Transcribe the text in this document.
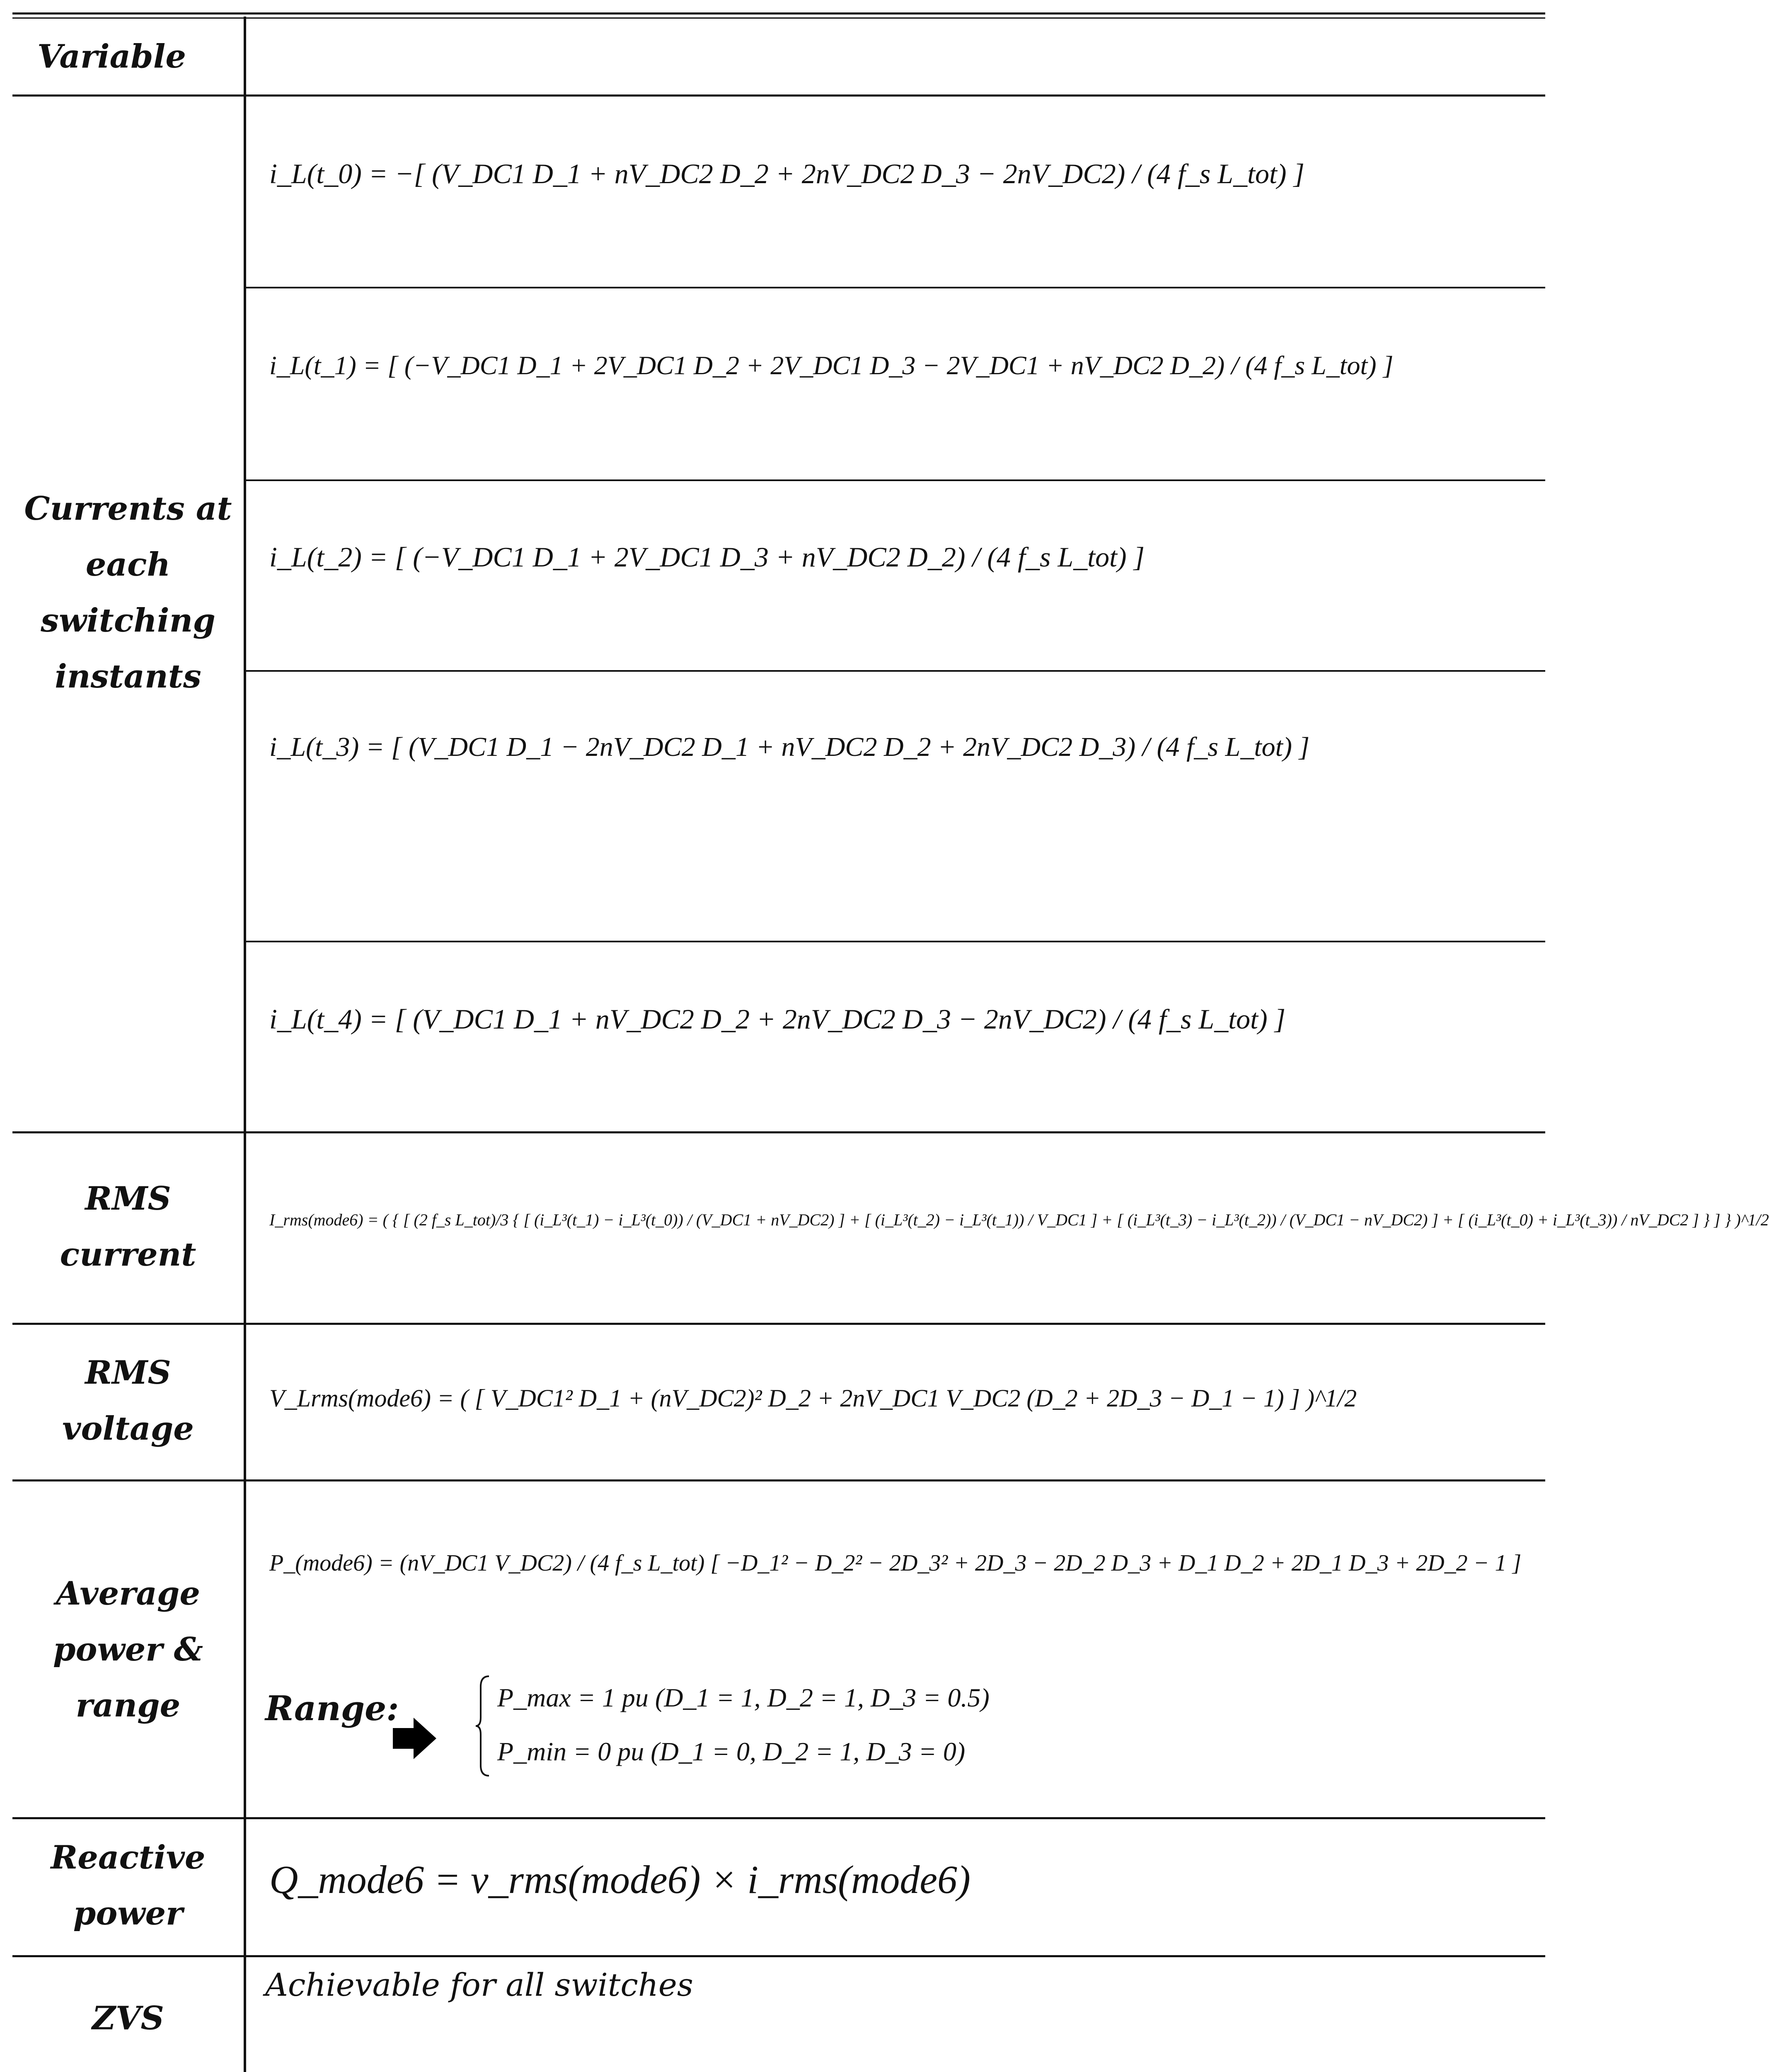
Variable
Currents at
each
switching
instants
i_L(t_0) = −[ (V_DC1 D_1 + nV_DC2 D_2 + 2nV_DC2 D_3 − 2nV_DC2) / (4 f_s L_tot) ]
i_L(t_1) = [ (−V_DC1 D_1 + 2V_DC1 D_2 + 2V_DC1 D_3 − 2V_DC1 + nV_DC2 D_2) / (4 f_s L_tot) ]
i_L(t_2) = [ (−V_DC1 D_1 + 2V_DC1 D_3 + nV_DC2 D_2) / (4 f_s L_tot) ]
i_L(t_3) = [ (V_DC1 D_1 − 2nV_DC2 D_1 + nV_DC2 D_2 + 2nV_DC2 D_3) / (4 f_s L_tot) ]
i_L(t_4) = [ (V_DC1 D_1 + nV_DC2 D_2 + 2nV_DC2 D_3 − 2nV_DC2) / (4 f_s L_tot) ]
RMS
current
I_rms(mode6) = ( { [ (2 f_s L_tot)/3 { [ (i_L³(t_1) − i_L³(t_0)) / (V_DC1 + nV_DC2) ] + [ (i_L³(t_2) − i_L³(t_1)) / V_DC1 ] + [ (i_L³(t_3) − i_L³(t_2)) / (V_DC1 − nV_DC2) ] + [ (i_L³(t_0) + i_L³(t_3)) / nV_DC2 ] } ] } )^1/2
RMS
voltage
V_Lrms(mode6) = ( [ V_DC1² D_1 + (nV_DC2)² D_2 + 2nV_DC1 V_DC2 (D_2 + 2D_3 − D_1 − 1) ] )^1/2
Average
power &
range
P_(mode6) = (nV_DC1 V_DC2) / (4 f_s L_tot) [ −D_1² − D_2² − 2D_3² + 2D_3 − 2D_2 D_3 + D_1 D_2 + 2D_1 D_3 + 2D_2 − 1 ]
Range:	P_max = 1 pu (D_1 = 1, D_2 = 1, D_3 = 0.5)
P_min = 0 pu (D_1 = 0, D_2 = 1, D_3 = 0)
Reactive
power
Q_mode6 = v_rms(mode6) × i_rms(mode6)
ZVS
Achievable for all switches
